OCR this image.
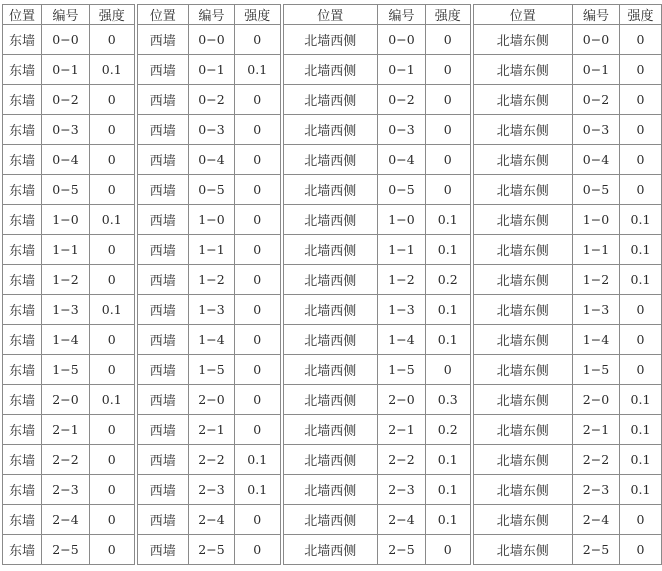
位置	编号	强度	位置	编号	强度	位置	编号	强度	位置	编号	强度
东墙	0−0	0	西墙	0−0	0	北墙西侧	0−0	0	北墙东侧	0−0	0
东墙	0−1	0.1	西墙	0−1	0.1	北墙西侧	0−1	0	北墙东侧	0−1	0
东墙	0−2	0	西墙	0−2	0	北墙西侧	0−2	0	北墙东侧	0−2	0
东墙	0−3	0	西墙	0−3	0	北墙西侧	0−3	0	北墙东侧	0−3	0
东墙	0−4	0	西墙	0−4	0	北墙西侧	0−4	0	北墙东侧	0−4	0
东墙	0−5	0	西墙	0−5	0	北墙西侧	0−5	0	北墙东侧	0−5	0
东墙	1−0	0.1	西墙	1−0	0	北墙西侧	1−0	0.1	北墙东侧	1−0	0.1
东墙	1−1	0	西墙	1−1	0	北墙西侧	1−1	0.1	北墙东侧	1−1	0.1
东墙	1−2	0	西墙	1−2	0	北墙西侧	1−2	0.2	北墙东侧	1−2	0.1
东墙	1−3	0.1	西墙	1−3	0	北墙西侧	1−3	0.1	北墙东侧	1−3	0
东墙	1−4	0	西墙	1−4	0	北墙西侧	1−4	0.1	北墙东侧	1−4	0
东墙	1−5	0	西墙	1−5	0	北墙西侧	1−5	0	北墙东侧	1−5	0
东墙	2−0	0.1	西墙	2−0	0	北墙西侧	2−0	0.3	北墙东侧	2−0	0.1
东墙	2−1	0	西墙	2−1	0	北墙西侧	2−1	0.2	北墙东侧	2−1	0.1
东墙	2−2	0	西墙	2−2	0.1	北墙西侧	2−2	0.1	北墙东侧	2−2	0.1
东墙	2−3	0	西墙	2−3	0.1	北墙西侧	2−3	0.1	北墙东侧	2−3	0.1
东墙	2−4	0	西墙	2−4	0	北墙西侧	2−4	0.1	北墙东侧	2−4	0
东墙	2−5	0	西墙	2−5	0	北墙西侧	2−5	0	北墙东侧	2−5	0
